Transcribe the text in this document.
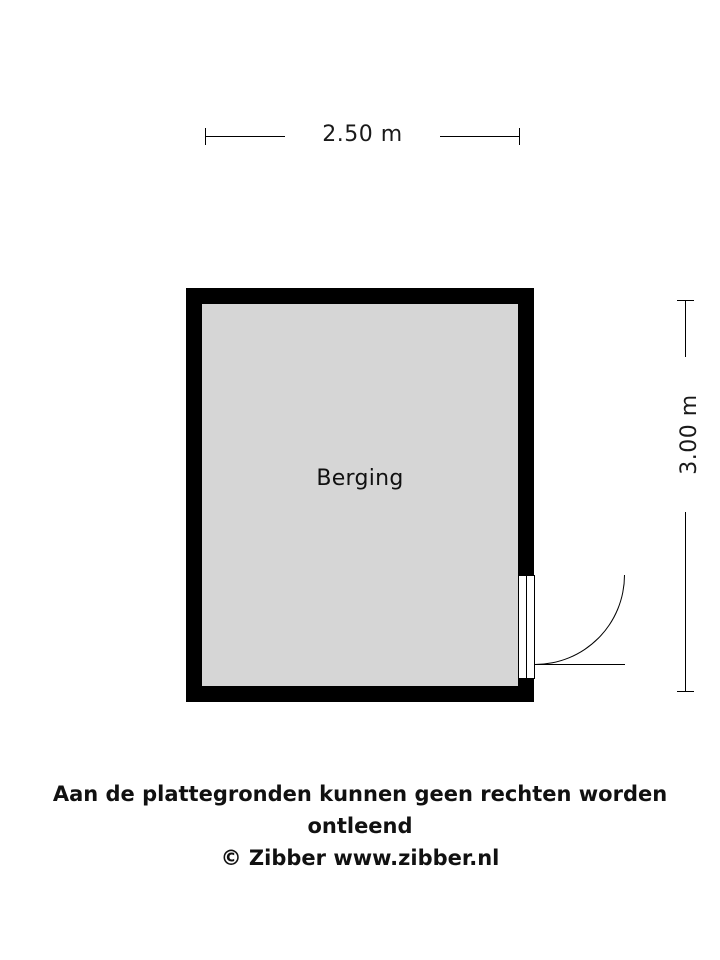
2.50 m
3.00 m
Berging
Aan de plattegronden kunnen geen rechten worden ontleend
© Zibber www.zibber.nl
